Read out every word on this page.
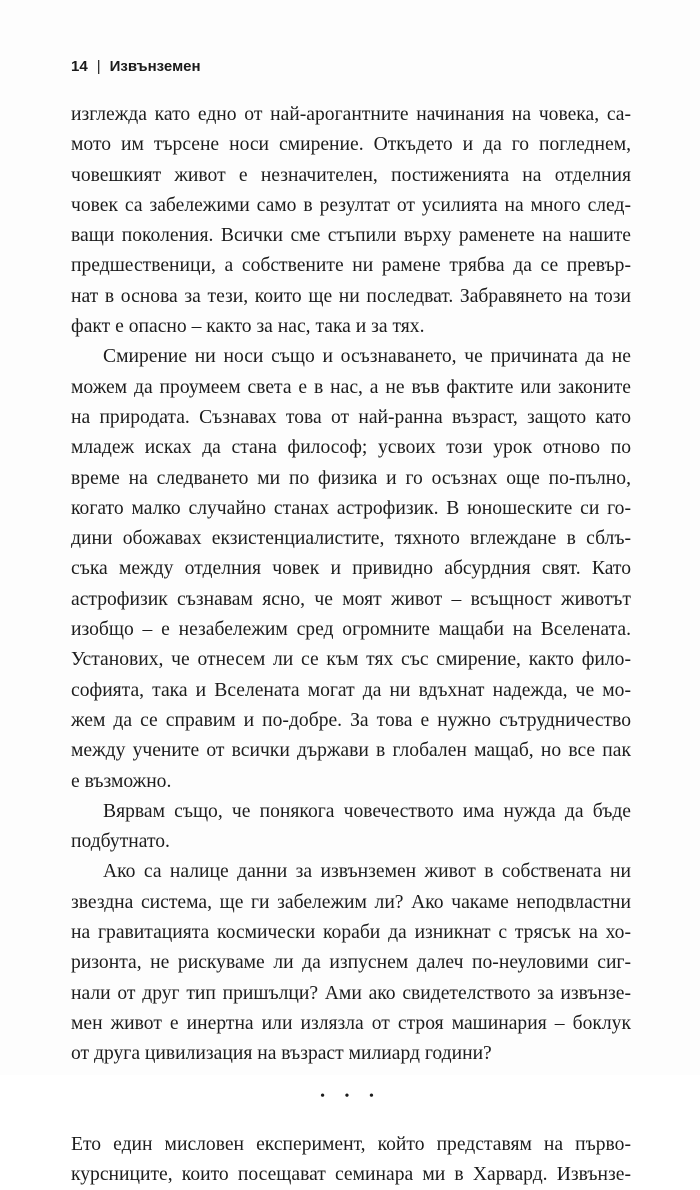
14 | Извънземен
изглежда като едно от най-арогантните начинания на човека, са-
мото им търсене носи смирение. Откъдето и да го погледнем,
човешкият живот е незначителен, постиженията на отделния
човек са забележими само в резултат от усилията на много след-
ващи поколения. Всички сме стъпили върху раменете на нашите
предшественици, а собствените ни рамене трябва да се превър-
нат в основа за тези, които ще ни последват. Забравянето на този
факт е опасно – както за нас, така и за тях.
Смирение ни носи също и осъзнаването, че причината да не
можем да проумеем света е в нас, а не във фактите или законите
на природата. Съзнавах това от най-ранна възраст, защото като
младеж исках да стана философ; усвоих този урок отново по
време на следването ми по физика и го осъзнах още по-пълно,
когато малко случайно станах астрофизик. В юношеските си го-
дини обожавах екзистенциалистите, тяхното вглеждане в сблъ-
съка между отделния човек и привидно абсурдния свят. Като
астрофизик съзнавам ясно, че моят живот – всъщност животът
изобщо – е незабележим сред огромните мащаби на Вселената.
Установих, че отнесем ли се към тях със смирение, както фило-
софията, така и Вселената могат да ни вдъхнат надежда, че мо-
жем да се справим и по-добре. За това е нужно сътрудничество
между учените от всички държави в глобален мащаб, но все пак
е възможно.
Вярвам също, че понякога човечеството има нужда да бъде
подбутнато.
Ако са налице данни за извънземен живот в собствената ни
звездна система, ще ги забележим ли? Ако чакаме неподвластни
на гравитацията космически кораби да изникнат с трясък на хо-
ризонта, не рискуваме ли да изпуснем далеч по-неуловими сиг-
нали от друг тип пришълци? Ами ако свидетелството за извънзе-
мен живот е инертна или излязла от строя машинария – боклук
от друга цивилизация на възраст милиард години?
• • •
Ето един мисловен експеримент, който представям на първо-
курсниците, които посещават семинара ми в Харвард. Извънзе-
